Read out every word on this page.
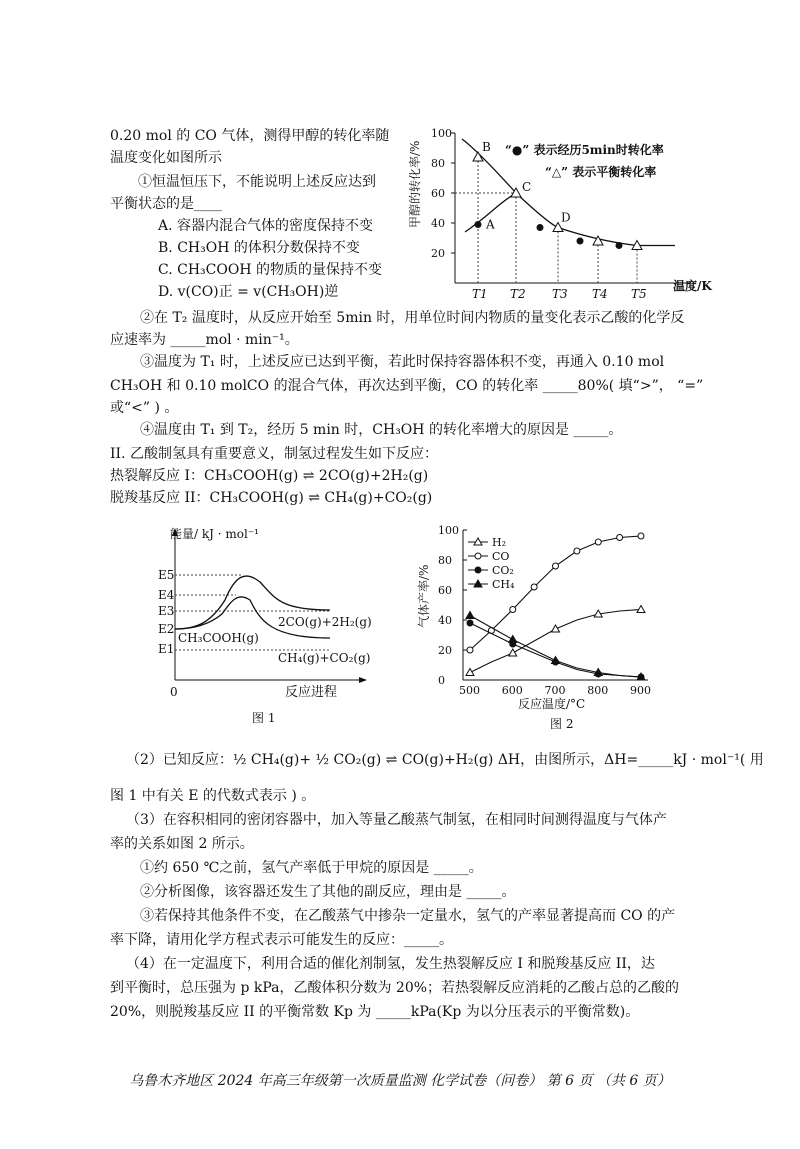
0.20 mol 的 CO 气体，测得甲醇的转化率随
温度变化如图所示
①恒温恒压下，不能说明上述反应达到
平衡状态的是____
A. 容器内混合气体的密度保持不变
B. CH₃OH 的体积分数保持不变
C. CH₃COOH 的物质的量保持不变
D. v(CO)正 = v(CH₃OH)逆
甲醇的转化率/%
20
40
60
80
100
T1 T2 T3 T4 T5
温度/K
“●” 表示经历5min时转化率
“△” 表示平衡转化率
A
B
C
D
②在 T₂ 温度时，从反应开始至 5min 时，用单位时间内物质的量变化表示乙酸的化学反
应速率为 _____mol · min⁻¹。
③温度为 T₁ 时，上述反应已达到平衡，若此时保持容器体积不变，再通入 0.10 mol
CH₃OH 和 0.10 molCO 的混合气体，再次达到平衡，CO 的转化率 _____80%( 填“>”， “=”
或“<” ) 。
④温度由 T₁ 到 T₂，经历 5 min 时，CH₃OH 的转化率增大的原因是 _____。
II. 乙酸制氢具有重要意义，制氢过程发生如下反应：
热裂解反应 I：CH₃COOH(g) ⇌ 2CO(g)+2H₂(g)
脱羧基反应 II：CH₃COOH(g) ⇌ CH₄(g)+CO₂(g)
能量/ kJ · mol⁻¹
0	反应进程
E5
E4
E3
E2
E1
CH₃COOH(g)
2CO(g)+2H₂(g)
CH₄(g)+CO₂(g)
图 1
气体产率/%
0
20
40
60
80
100
500 600 700 800 900
反应温度/°C
图 2
H₂
CO
CO₂
CH₄
（2）已知反应：½ CH₄(g)+ ½ CO₂(g) ⇌ CO(g)+H₂(g) ΔH，由图所示，ΔH=_____kJ · mol⁻¹( 用
图 1 中有关 E 的代数式表示 ) 。
（3）在容积相同的密闭容器中，加入等量乙酸蒸气制氢，在相同时间测得温度与气体产
率的关系如图 2 所示。
①约 650 ℃之前，氢气产率低于甲烷的原因是 _____。
②分析图像，该容器还发生了其他的副反应，理由是 _____。
③若保持其他条件不变，在乙酸蒸气中掺杂一定量水，氢气的产率显著提高而 CO 的产
率下降，请用化学方程式表示可能发生的反应：_____。
（4）在一定温度下，利用合适的催化剂制氢，发生热裂解反应 I 和脱羧基反应 II，达
到平衡时，总压强为 p kPa，乙酸体积分数为 20%；若热裂解反应消耗的乙酸占总的乙酸的
20%，则脱羧基反应 II 的平衡常数 Kp 为 _____kPa(Kp 为以分压表示的平衡常数)。
乌鲁木齐地区 2024 年高三年级第一次质量监测 化学试卷（问卷） 第 6 页 （共 6 页）
